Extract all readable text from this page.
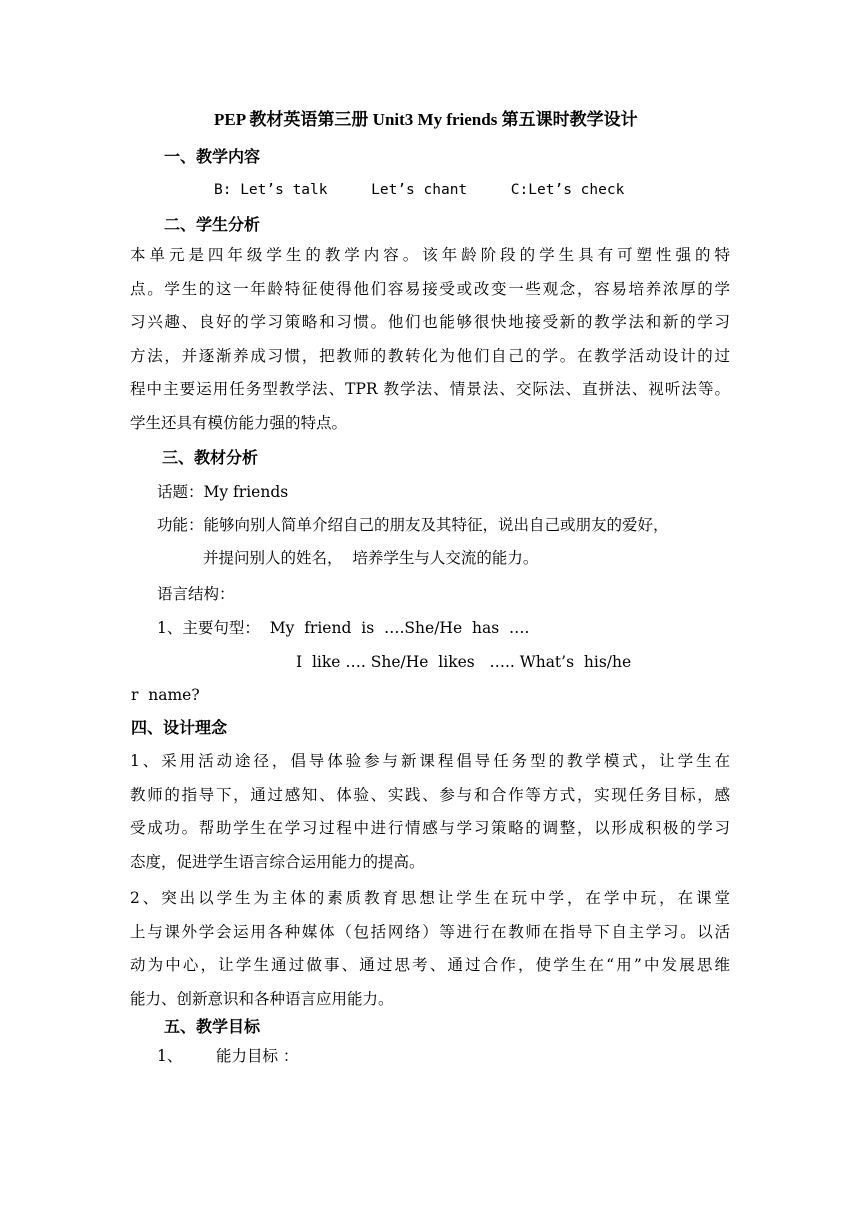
PEP 教材英语第三册 Unit3 My friends 第五课时教学设计
一、教学内容
B: Let’s talk     Let’s chant     C:Let’s check
二、学生分析
本单元是四年级学生的教学内容。该年龄阶段的学生具有可塑性强的特
点。学生的这一年龄特征使得他们容易接受或改变一些观念，容易培养浓厚的学
习兴趣、良好的学习策略和习惯。他们也能够很快地接受新的教学法和新的学习
方法，并逐渐养成习惯，把教师的教转化为他们自己的学。在教学活动设计的过
程中主要运用任务型教学法、TPR 教学法、情景法、交际法、直拼法、视听法等。
学生还具有模仿能力强的特点。
三、教材分析
话题：My friends
功能：能够向别人简单介绍自己的朋友及其特征，说出自己或朋友的爱好，
并提问别人的姓名，  培养学生与人交流的能力。
语言结构：
1、主要句型：  My  friend  is  ….She/He  has  ….
I  like …. She/He  likes   ….. What’s  his/he
r  name?
四、设计理念
1、采用活动途径，倡导体验参与新课程倡导任务型的教学模式，让学生在
教师的指导下，通过感知、体验、实践、参与和合作等方式，实现任务目标，感
受成功。帮助学生在学习过程中进行情感与学习策略的调整，以形成积极的学习
态度，促进学生语言综合运用能力的提高。
2、突出以学生为主体的素质教育思想让学生在玩中学，在学中玩，在课堂
上与课外学会运用各种媒体（包括网络）等进行在教师在指导下自主学习。以活
动为中心，让学生通过做事、通过思考、通过合作，使学生在“用”中发展思维
能力、创新意识和各种语言应用能力。
五、教学目标
1、 能力目标 ：
